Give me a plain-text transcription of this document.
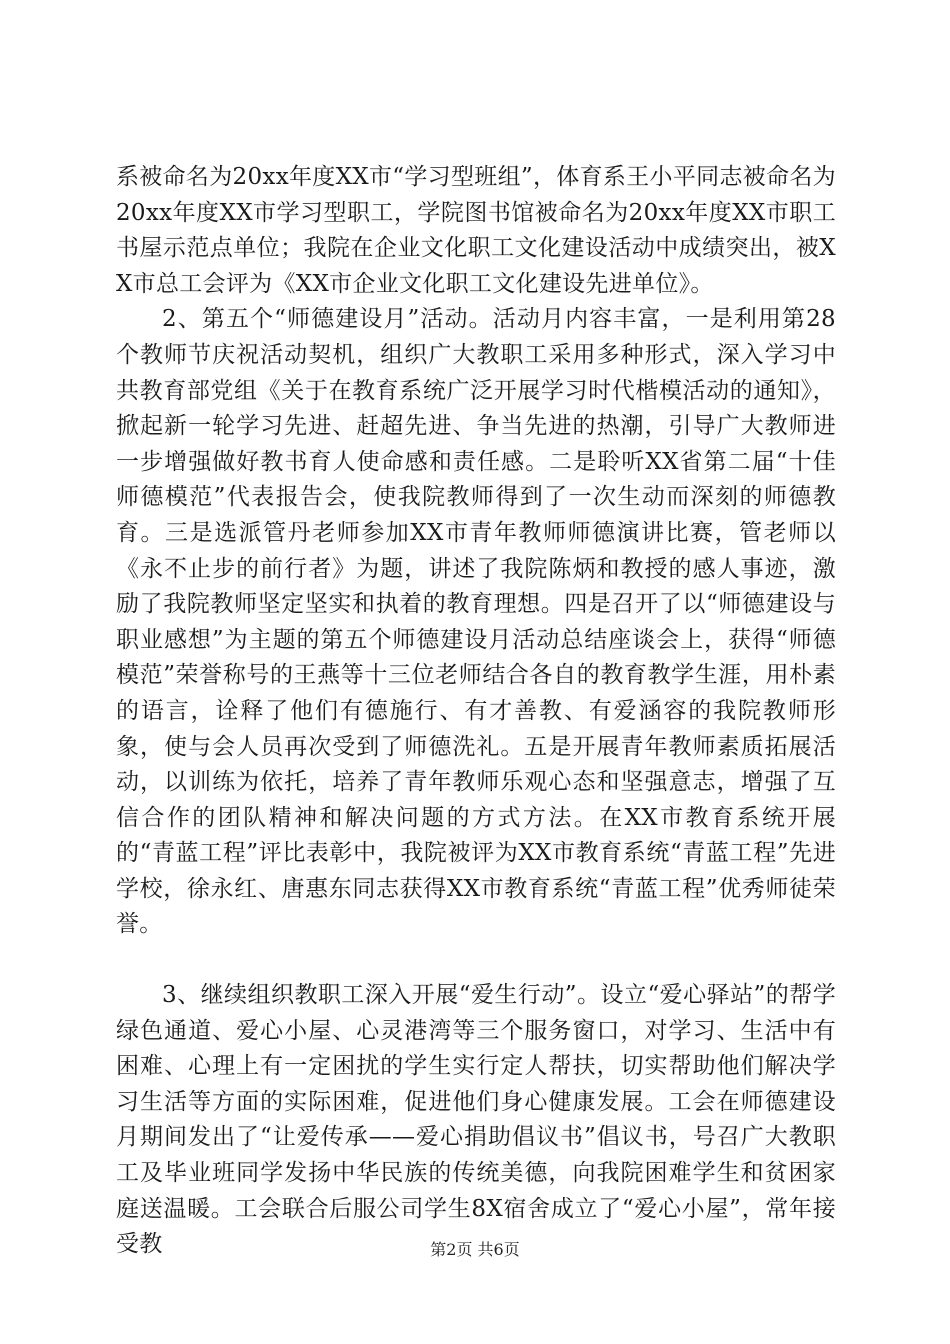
系被命名为20xx年度XX市“学习型班组”，体育系王小平同志被命名为20xx年度XX市学习型职工，学院图书馆被命名为20xx年度XX市职工书屋示范点单位；我院在企业文化职工文化建设活动中成绩突出，被XX市总工会评为《XX市企业文化职工文化建设先进单位》。

2、第五个“师德建设月”活动。活动月内容丰富，一是利用第28个教师节庆祝活动契机，组织广大教职工采用多种形式，深入学习中共教育部党组《关于在教育系统广泛开展学习时代楷模活动的通知》，掀起新一轮学习先进、赶超先进、争当先进的热潮，引导广大教师进一步增强做好教书育人使命感和责任感。二是聆听XX省第二届“十佳师德模范”代表报告会，使我院教师得到了一次生动而深刻的师德教育。三是选派管丹老师参加XX市青年教师师德演讲比赛，管老师以《永不止步的前行者》为题，讲述了我院陈炳和教授的感人事迹，激励了我院教师坚定坚实和执着的教育理想。四是召开了以“师德建设与职业感想”为主题的第五个师德建设月活动总结座谈会上，获得“师德模范”荣誉称号的王燕等十三位老师结合各自的教育教学生涯，用朴素的语言，诠释了他们有德施行、有才善教、有爱涵容的我院教师形象，使与会人员再次受到了师德洗礼。五是开展青年教师素质拓展活动，以训练为依托，培养了青年教师乐观心态和坚强意志，增强了互信合作的团队精神和解决问题的方式方法。在XX市教育系统开展的“青蓝工程”评比表彰中，我院被评为XX市教育系统“青蓝工程”先进学校，徐永红、唐惠东同志获得XX市教育系统“青蓝工程”优秀师徒荣誉。

3、继续组织教职工深入开展“爱生行动”。设立“爱心驿站”的帮学绿色通道、爱心小屋、心灵港湾等三个服务窗口，对学习、生活中有困难、心理上有一定困扰的学生实行定人帮扶，切实帮助他们解决学习生活等方面的实际困难，促进他们身心健康发展。工会在师德建设月期间发出了“让爱传承——爱心捐助倡议书”倡议书，号召广大教职工及毕业班同学发扬中华民族的传统美德，向我院困难学生和贫困家庭送温暖。工会联合后服公司学生8X宿舍成立了“爱心小屋”，常年接受教	第2页 共6页
